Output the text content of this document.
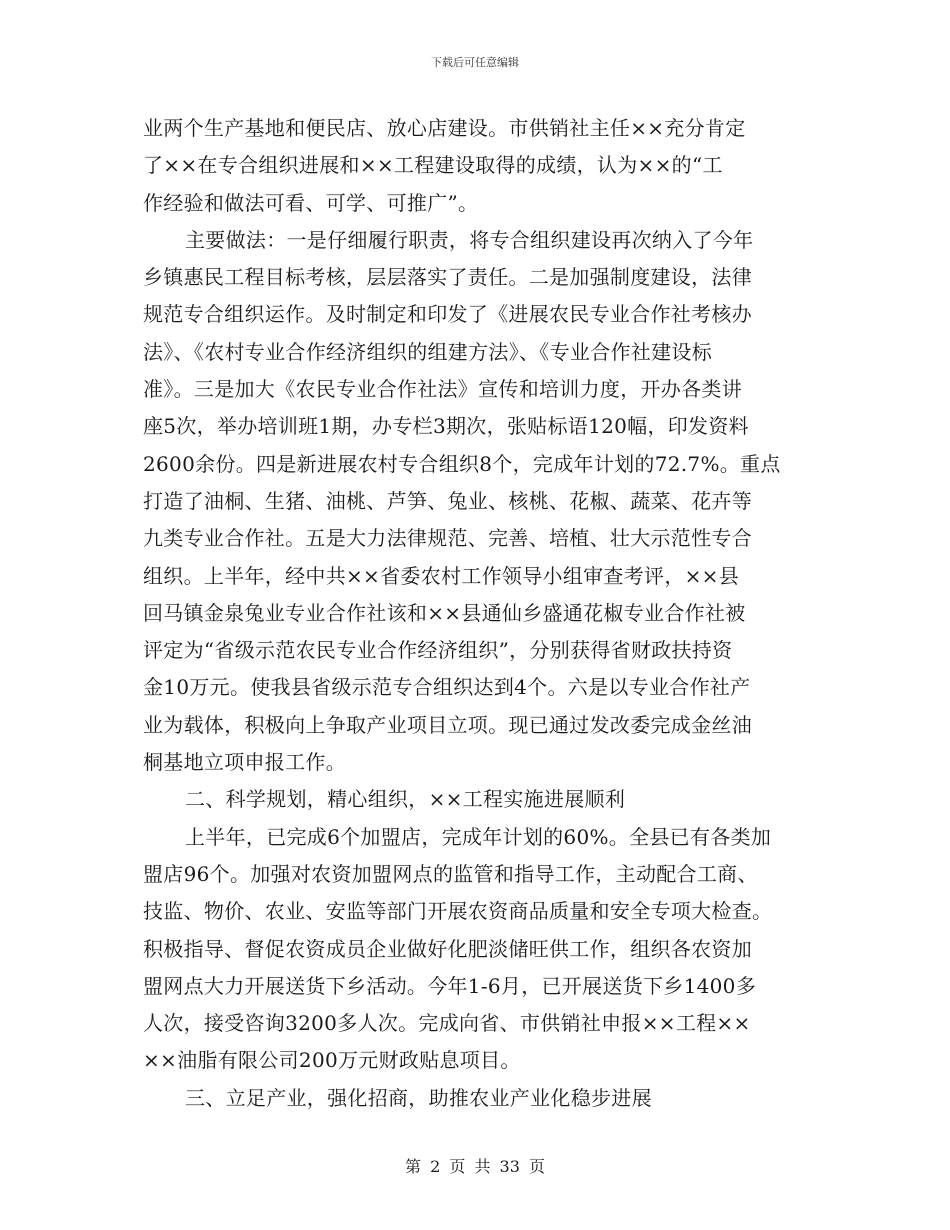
下载后可任意编辑
业两个生产基地和便民店、放心店建设。市供销社主任××充分肯定
了××在专合组织进展和××工程建设取得的成绩，认为××的“工
作经验和做法可看、可学、可推广”。
主要做法：一是仔细履行职责，将专合组织建设再次纳入了今年
乡镇惠民工程目标考核，层层落实了责任。二是加强制度建设，法律
规范专合组织运作。及时制定和印发了《进展农民专业合作社考核办
法》、《农村专业合作经济组织的组建方法》、《专业合作社建设标
准》。三是加大《农民专业合作社法》宣传和培训力度，开办各类讲
座5次，举办培训班1期，办专栏3期次，张贴标语120幅，印发资料
2600余份。四是新进展农村专合组织8个，完成年计划的72.7%。重点
打造了油桐、生猪、油桃、芦笋、兔业、核桃、花椒、蔬菜、花卉等
九类专业合作社。五是大力法律规范、完善、培植、壮大示范性专合
组织。上半年，经中共××省委农村工作领导小组审查考评，××县
回马镇金泉兔业专业合作社该和××县通仙乡盛通花椒专业合作社被
评定为“省级示范农民专业合作经济组织”，分别获得省财政扶持资
金10万元。使我县省级示范专合组织达到4个。六是以专业合作社产
业为载体，积极向上争取产业项目立项。现已通过发改委完成金丝油
桐基地立项申报工作。
二、科学规划，精心组织，××工程实施进展顺利
上半年，已完成6个加盟店，完成年计划的60%。全县已有各类加
盟店96个。加强对农资加盟网点的监管和指导工作，主动配合工商、
技监、物价、农业、安监等部门开展农资商品质量和安全专项大检查。
积极指导、督促农资成员企业做好化肥淡储旺供工作，组织各农资加
盟网点大力开展送货下乡活动。今年1-6月，已开展送货下乡1400多
人次，接受咨询3200多人次。完成向省、市供销社申报××工程××
××油脂有限公司200万元财政贴息项目。
三、立足产业，强化招商，助推农业产业化稳步进展
第 2 页 共 33 页
